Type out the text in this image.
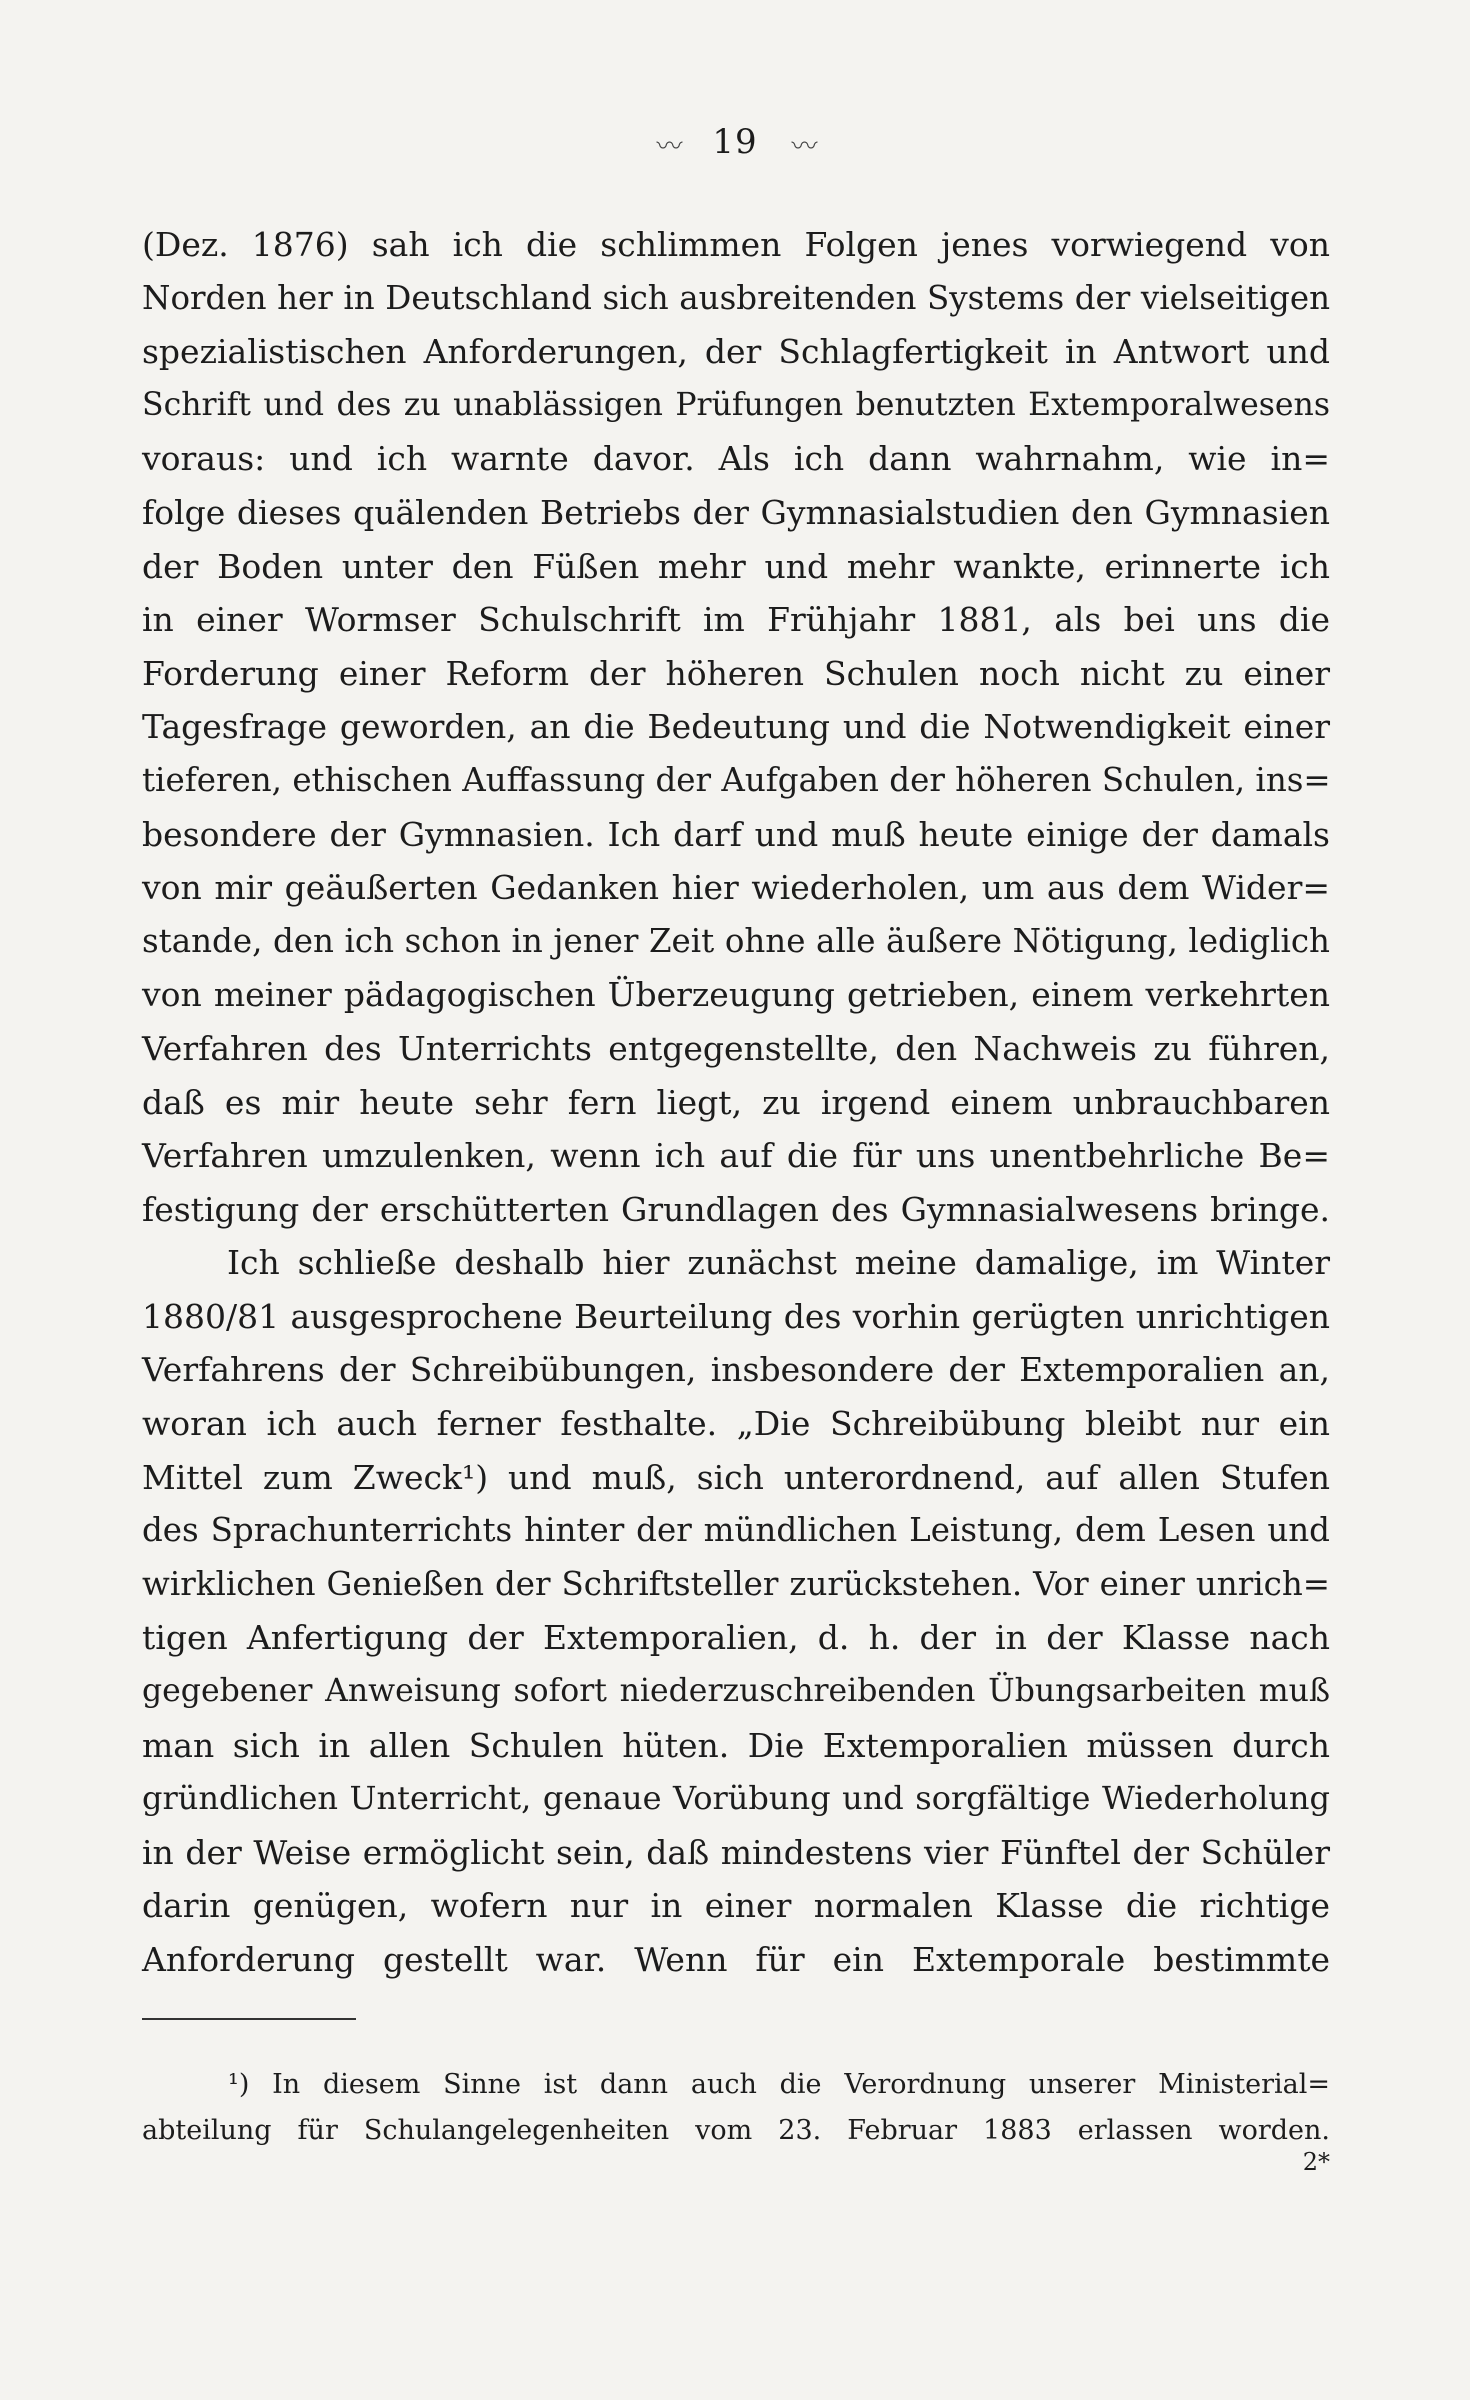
〰 19 〰
(Dez. 1876) sah ich die schlimmen Folgen jenes vorwiegend von
Norden her in Deutschland sich ausbreitenden Systems der vielseitigen
spezialistischen Anforderungen, der Schlagfertigkeit in Antwort und
Schrift und des zu unablässigen Prüfungen benutzten Extemporalwesens
voraus: und ich warnte davor. Als ich dann wahrnahm, wie in=
folge dieses quälenden Betriebs der Gymnasialstudien den Gymnasien
der Boden unter den Füßen mehr und mehr wankte, erinnerte ich
in einer Wormser Schulschrift im Frühjahr 1881, als bei uns die
Forderung einer Reform der höheren Schulen noch nicht zu einer
Tagesfrage geworden, an die Bedeutung und die Notwendigkeit einer
tieferen, ethischen Auffassung der Aufgaben der höheren Schulen, ins=
besondere der Gymnasien. Ich darf und muß heute einige der damals
von mir geäußerten Gedanken hier wiederholen, um aus dem Wider=
stande, den ich schon in jener Zeit ohne alle äußere Nötigung, lediglich
von meiner pädagogischen Überzeugung getrieben, einem verkehrten
Verfahren des Unterrichts entgegenstellte, den Nachweis zu führen,
daß es mir heute sehr fern liegt, zu irgend einem unbrauchbaren
Verfahren umzulenken, wenn ich auf die für uns unentbehrliche Be=
festigung der erschütterten Grundlagen des Gymnasialwesens bringe.
Ich schließe deshalb hier zunächst meine damalige, im Winter
1880/81 ausgesprochene Beurteilung des vorhin gerügten unrichtigen
Verfahrens der Schreibübungen, insbesondere der Extemporalien an,
woran ich auch ferner festhalte. „Die Schreibübung bleibt nur ein
Mittel zum Zweck¹) und muß, sich unterordnend, auf allen Stufen
des Sprachunterrichts hinter der mündlichen Leistung, dem Lesen und
wirklichen Genießen der Schriftsteller zurückstehen. Vor einer unrich=
tigen Anfertigung der Extemporalien, d. h. der in der Klasse nach
gegebener Anweisung sofort niederzuschreibenden Übungsarbeiten muß
man sich in allen Schulen hüten. Die Extemporalien müssen durch
gründlichen Unterricht, genaue Vorübung und sorgfältige Wiederholung
in der Weise ermöglicht sein, daß mindestens vier Fünftel der Schüler
darin genügen, wofern nur in einer normalen Klasse die richtige
Anforderung gestellt war. Wenn für ein Extemporale bestimmte
¹) In diesem Sinne ist dann auch die Verordnung unserer Ministerial=
abteilung für Schulangelegenheiten vom 23. Februar 1883 erlassen worden.
2*
